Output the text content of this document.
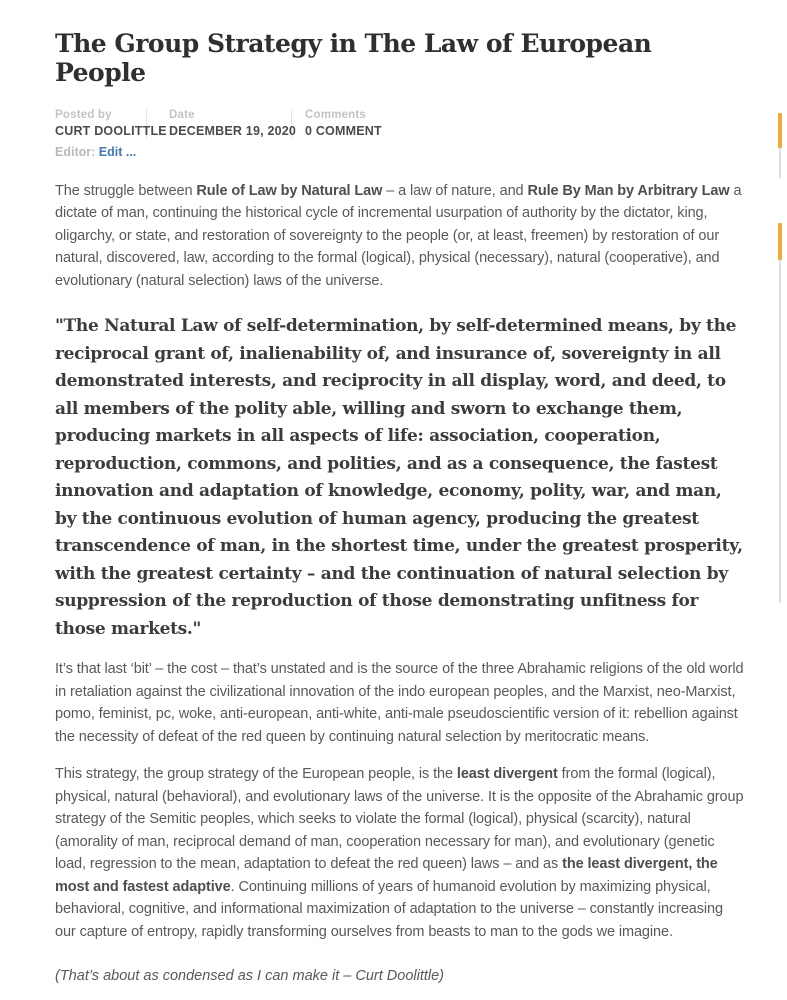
The Group Strategy in The Law of European People
Posted by
CURT DOOLITTLE
Date
DECEMBER 19, 2020
Comments
0 COMMENT
Editor: Edit ...

The struggle between Rule of Law by Natural Law – a law of nature, and Rule By Man by Arbitrary Law a dictate of man, continuing the historical cycle of incremental usurpation of authority by the dictator, king, oligarchy, or state, and restoration of sovereignty to the people (or, at least, freemen) by restoration of our natural, discovered, law, according to the formal (logical), physical (necessary), natural (cooperative), and evolutionary (natural selection) laws of the universe.

"The Natural Law of self-determination, by self-determined means, by the reciprocal grant of, inalienability of, and insurance of, sovereignty in all demonstrated interests, and reciprocity in all display, word, and deed, to all members of the polity able, willing and sworn to exchange them, producing markets in all aspects of life: association, cooperation, reproduction, commons, and polities, and as a consequence, the fastest innovation and adaptation of knowledge, economy, polity, war, and man, by the continuous evolution of human agency, producing the greatest transcendence of man, in the shortest time, under the greatest prosperity, with the greatest certainty – and the continuation of natural selection by suppression of the reproduction of those demonstrating unfitness for those markets."

It’s that last ‘bit’ – the cost – that’s unstated and is the source of the three Abrahamic religions of the old world in retaliation against the civilizational innovation of the indo european peoples, and the Marxist, neo-Marxist, pomo, feminist, pc, woke, anti-european, anti-white, anti-male pseudoscientific version of it: rebellion against the necessity of defeat of the red queen by continuing natural selection by meritocratic means.

This strategy, the group strategy of the European people, is the least divergent from the formal (logical), physical, natural (behavioral), and evolutionary laws of the universe. It is the opposite of the Abrahamic group strategy of the Semitic peoples, which seeks to violate the formal (logical), physical (scarcity), natural (amorality of man, reciprocal demand of man, cooperation necessary for man), and evolutionary (genetic load, regression to the mean, adaptation to defeat the red queen) laws – and as the least divergent, the most and fastest adaptive. Continuing millions of years of humanoid evolution by maximizing physical, behavioral, cognitive, and informational maximization of adaptation to the universe – constantly increasing our capture of entropy, rapidly transforming ourselves from beasts to man to the gods we imagine.

(That’s about as condensed as I can make it – Curt Doolittle)
